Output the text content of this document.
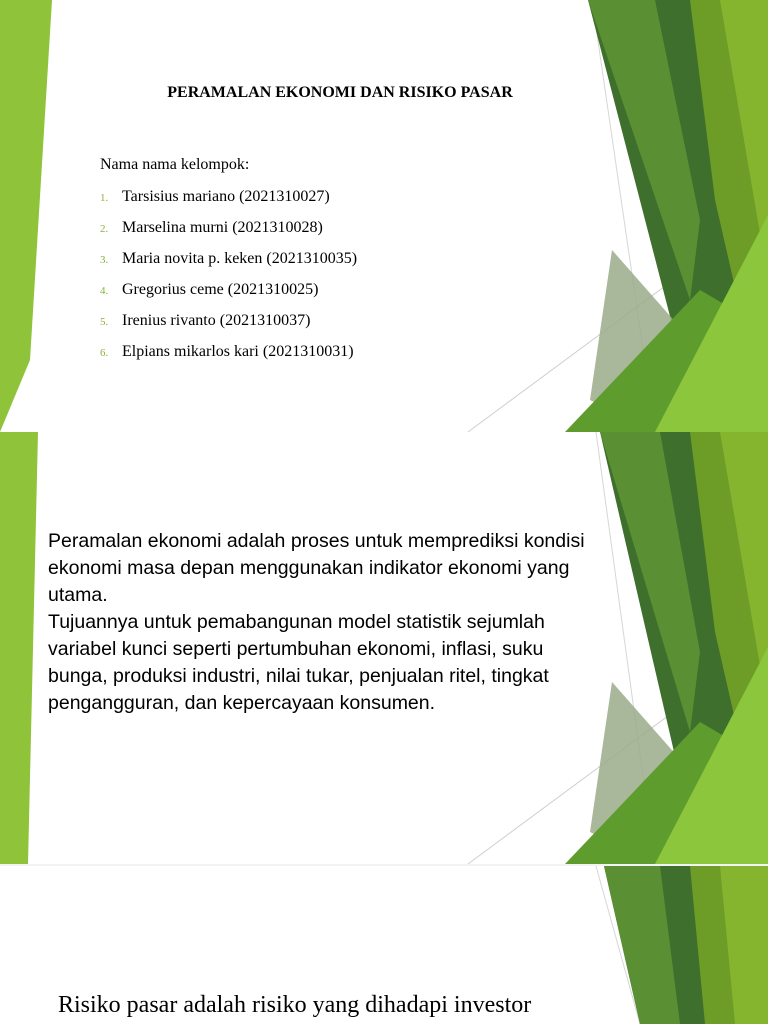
PERAMALAN EKONOMI DAN RISIKO PASAR
Nama nama kelompok:
1. Tarsisius mariano (2021310027)
2. Marselina murni (2021310028)
3. Maria novita p. keken (2021310035)
4. Gregorius ceme (2021310025)
5. Irenius rivanto (2021310037)
6. Elpians mikarlos kari (2021310031)

Peramalan ekonomi adalah proses untuk memprediksi kondisi ekonomi masa depan menggunakan indikator ekonomi yang utama.

Tujuannya untuk pemabangunan model statistik sejumlah variabel kunci seperti pertumbuhan ekonomi, inflasi, suku bunga, produksi industri, nilai tukar, penjualan ritel, tingkat pengangguran, dan kepercayaan konsumen.

Risiko pasar adalah risiko yang dihadapi investor
